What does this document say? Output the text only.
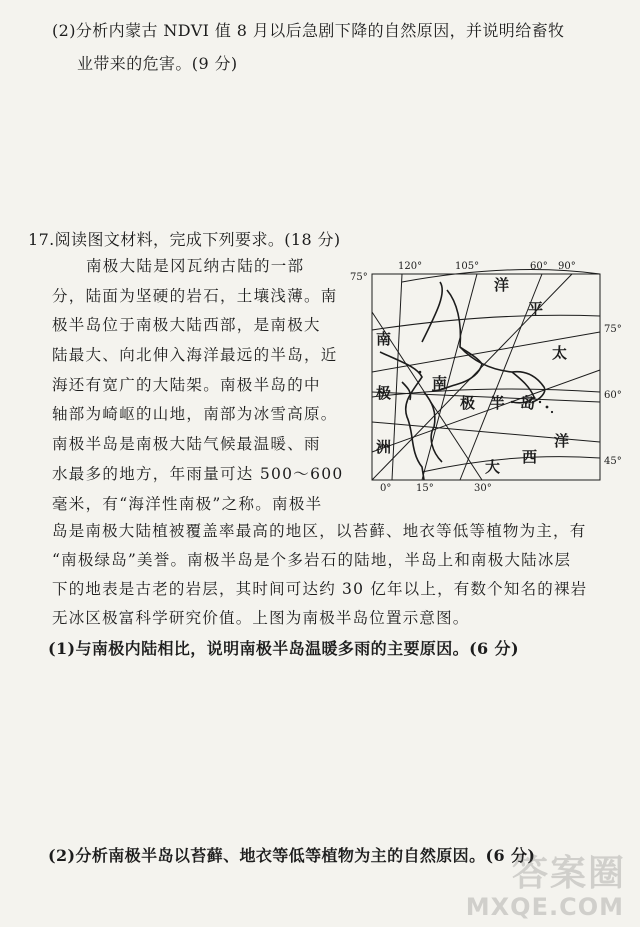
(2)分析内蒙古 NDVI 值 8 月以后急剧下降的自然原因，并说明给畜牧
业带来的危害。(9 分)
17.阅读图文材料，完成下列要求。(18 分)
南极大陆是冈瓦纳古陆的一部
分，陆面为坚硬的岩石，土壤浅薄。南
极半岛位于南极大陆西部，是南极大
陆最大、向北伸入海洋最远的半岛，近
海还有宽广的大陆架。南极半岛的中
轴部为崎岖的山地，南部为冰雪高原。
南极半岛是南极大陆气候最温暖、雨
水最多的地方，年雨量可达 500～600
毫米，有“海洋性南极”之称。南极半
120°	105°	60° 90°
75°
75°
60°
45°
0° 15°	30°
洋
平
太
南
极
洲
南
极 半 岛
大
西
洋
岛是南极大陆植被覆盖率最高的地区，以苔藓、地衣等低等植物为主，有
“南极绿岛”美誉。南极半岛是个多岩石的陆地，半岛上和南极大陆冰层
下的地表是古老的岩层，其时间可达约 30 亿年以上，有数个知名的裸岩
无冰区极富科学研究价值。上图为南极半岛位置示意图。
(1)与南极内陆相比，说明南极半岛温暖多雨的主要原因。(6 分)
(2)分析南极半岛以苔藓、地衣等低等植物为主的自然原因。(6 分)
答案圈
MXQE.COM
